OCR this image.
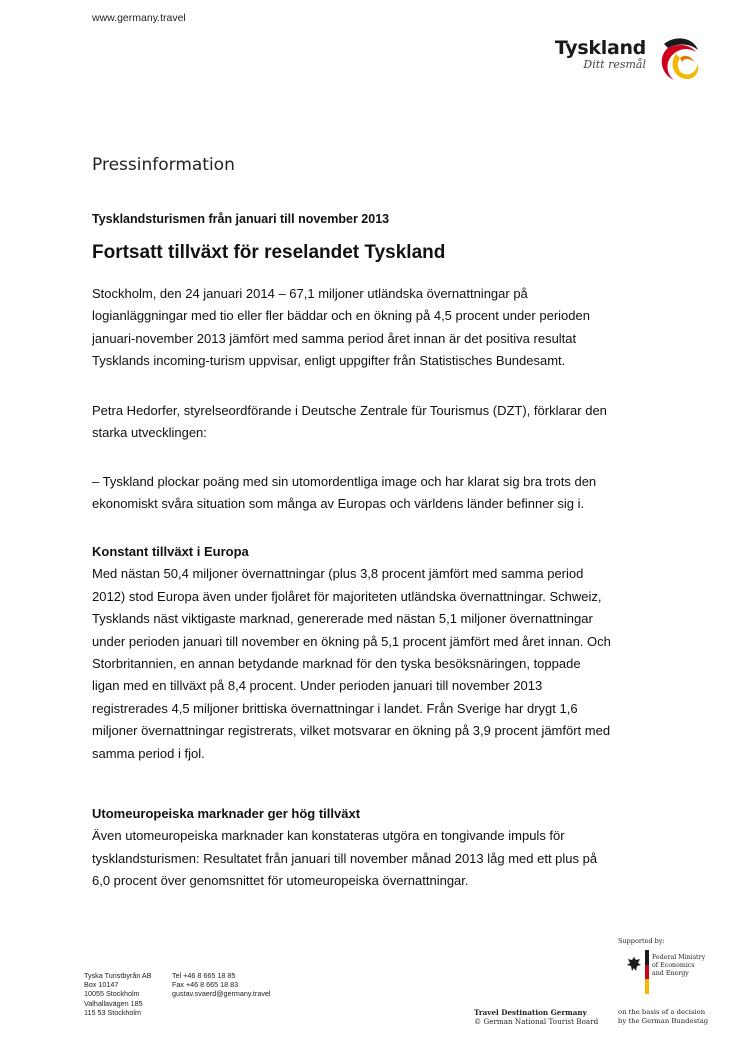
www.germany.travel
Tyskland
Ditt resmål
Pressinformation
Tysklandsturismen från januari till november 2013
Fortsatt tillväxt för reselandet Tyskland

Stockholm, den 24 januari 2014 – 67,1 miljoner utländska övernattningar på

logianläggningar med tio eller fler bäddar och en ökning på 4,5 procent under perioden

januari-november 2013 jämfört med samma period året innan är det positiva resultat

Tysklands incoming-turism uppvisar, enligt uppgifter från Statistisches Bundesamt.

Petra Hedorfer, styrelseordförande i Deutsche Zentrale für Tourismus (DZT), förklarar den

starka utvecklingen:

– Tyskland plockar poäng med sin utomordentliga image och har klarat sig bra trots den

ekonomiskt svåra situation som många av Europas och världens länder befinner sig i.

Konstant tillväxt i Europa

Med nästan 50,4 miljoner övernattningar (plus 3,8 procent jämfört med samma period

2012) stod Europa även under fjolåret för majoriteten utländska övernattningar. Schweiz,

Tysklands näst viktigaste marknad, genererade med nästan 5,1 miljoner övernattningar

under perioden januari till november en ökning på 5,1 procent jämfört med året innan. Och

Storbritannien, en annan betydande marknad för den tyska besöksnäringen, toppade

ligan med en tillväxt på 8,4 procent. Under perioden januari till november 2013

registrerades 4,5 miljoner brittiska övernattningar i landet. Från Sverige har drygt 1,6

miljoner övernattningar registrerats, vilket motsvarar en ökning på 3,9 procent jämfört med

samma period i fjol.

Utomeuropeiska marknader ger hög tillväxt

Även utomeuropeiska marknader kan konstateras utgöra en tongivande impuls för

tysklandsturismen: Resultatet från januari till november månad 2013 låg med ett plus på

6,0 procent över genomsnittet för utomeuropeiska övernattningar.

Tyska Turistbyrån AB
Box 10147
10055 Stockholm
Valhallavägen 185
115 53 Stockholm
Tel +46 8 665 18 85
Fax +46 8 665 18 83
gustav.svaerd@germany.travel
Travel Destination Germany
© German National Tourist Board
Supported by:
Federal Ministry
of Economics
and Energy
on the basis of a decision
by the German Bundestag
